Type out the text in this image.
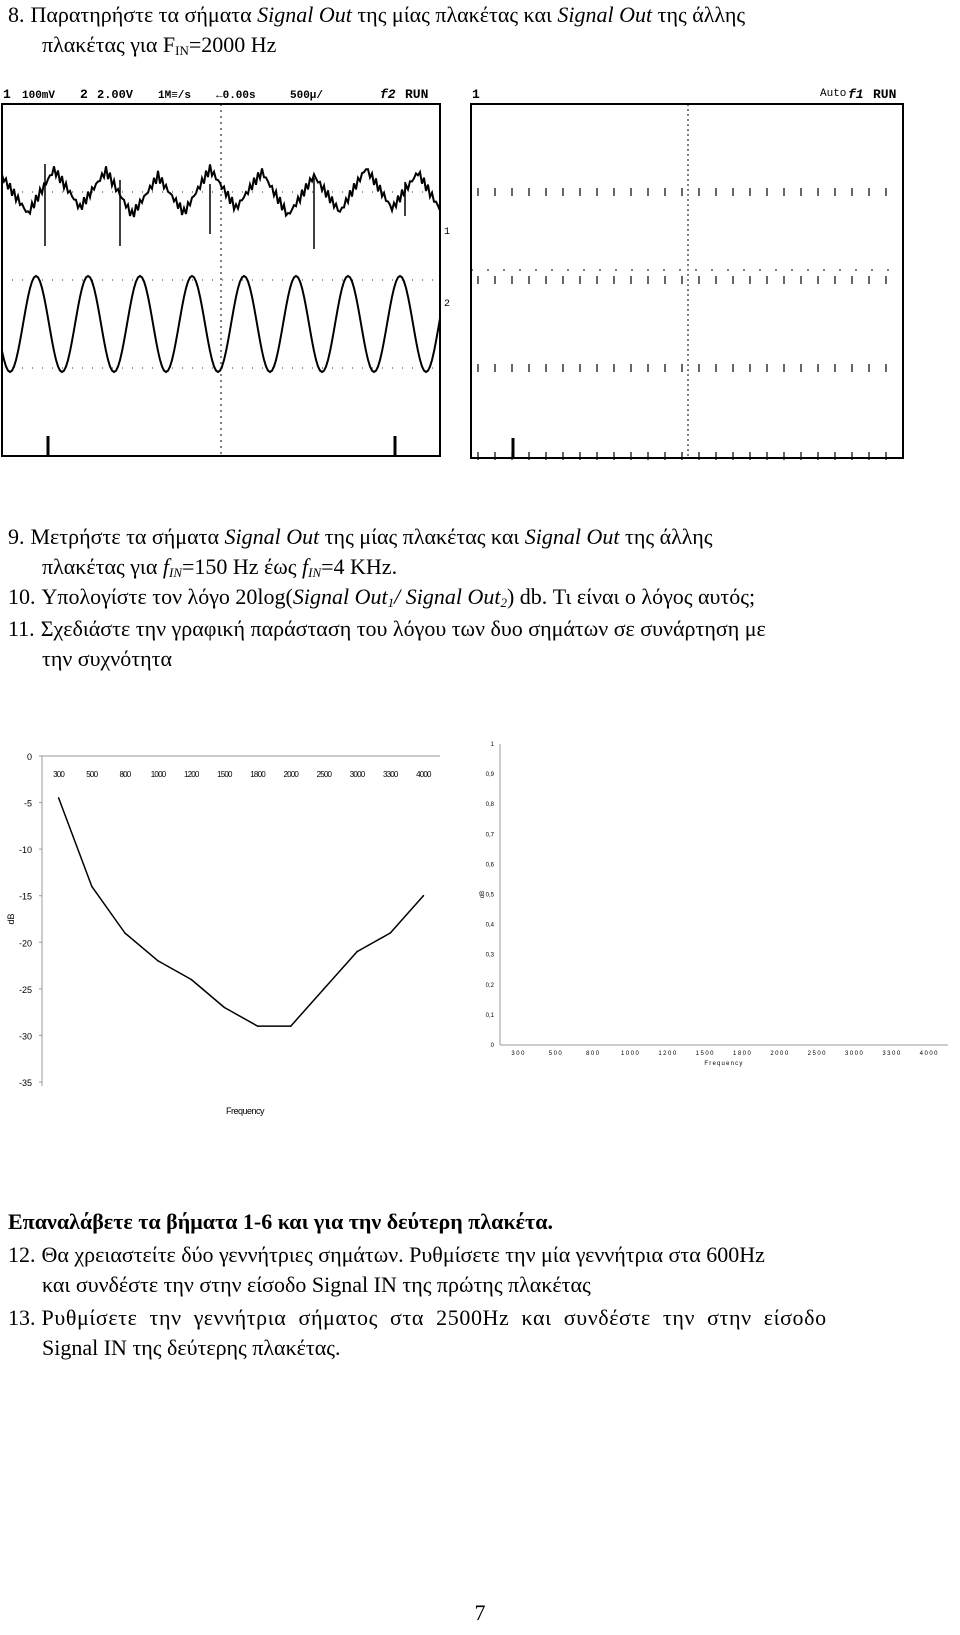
8. Παρατηρήστε τα σήματα Signal Out της μίας πλακέτας και Signal Out της άλλης

πλακέτας για $F_{IN}=2000$ Hz

1 100mV 2 2.00V 1M≡/s ←0.00s	500µ/	f2 RUN
1
2
1	Auto f1 RUN

9. Μετρήστε τα σήματα Signal Out της μίας πλακέτας και Signal Out της άλλης

πλακέτας για $f_{IN}=150$ Hz έως $f_{IN}=4$ KHz.

10. Υπολογίστε τον λόγο 20log(Signal Out$_1$/ Signal Out$_2$) db. Τι είναι ο λόγος αυτός;

11. Σχεδιάστε την γραφική παράσταση του λόγου των δυο σημάτων σε συνάρτηση με

την συχνότητα

0
-5
-10
-15
-20
-25
-30
-35
300	500	800	1000 1200 1500 1800 2000 2500 3000 3300 4000
dB
Frequency
0
0,1
0,2
0,3
0,4
0,5
0,6
0,7
0,8
0,9
1
300	500	800	1000	1200	1500	1800	2000	2500	3000	3300	4000
dB
Frequency

Επαναλάβετε τα βήματα 1-6 και για την δεύτερη πλακέτα.

12. Θα χρειαστείτε δύο γεννήτριες σημάτων. Ρυθμίσετε την μία γεννήτρια στα 600Hz

και συνδέστε την στην είσοδο Signal IN της πρώτης πλακέτας

13. Ρυθμίσετε την γεννήτρια σήματος στα 2500Hz και συνδέστε την στην είσοδο

Signal IN της δεύτερης πλακέτας.

7
